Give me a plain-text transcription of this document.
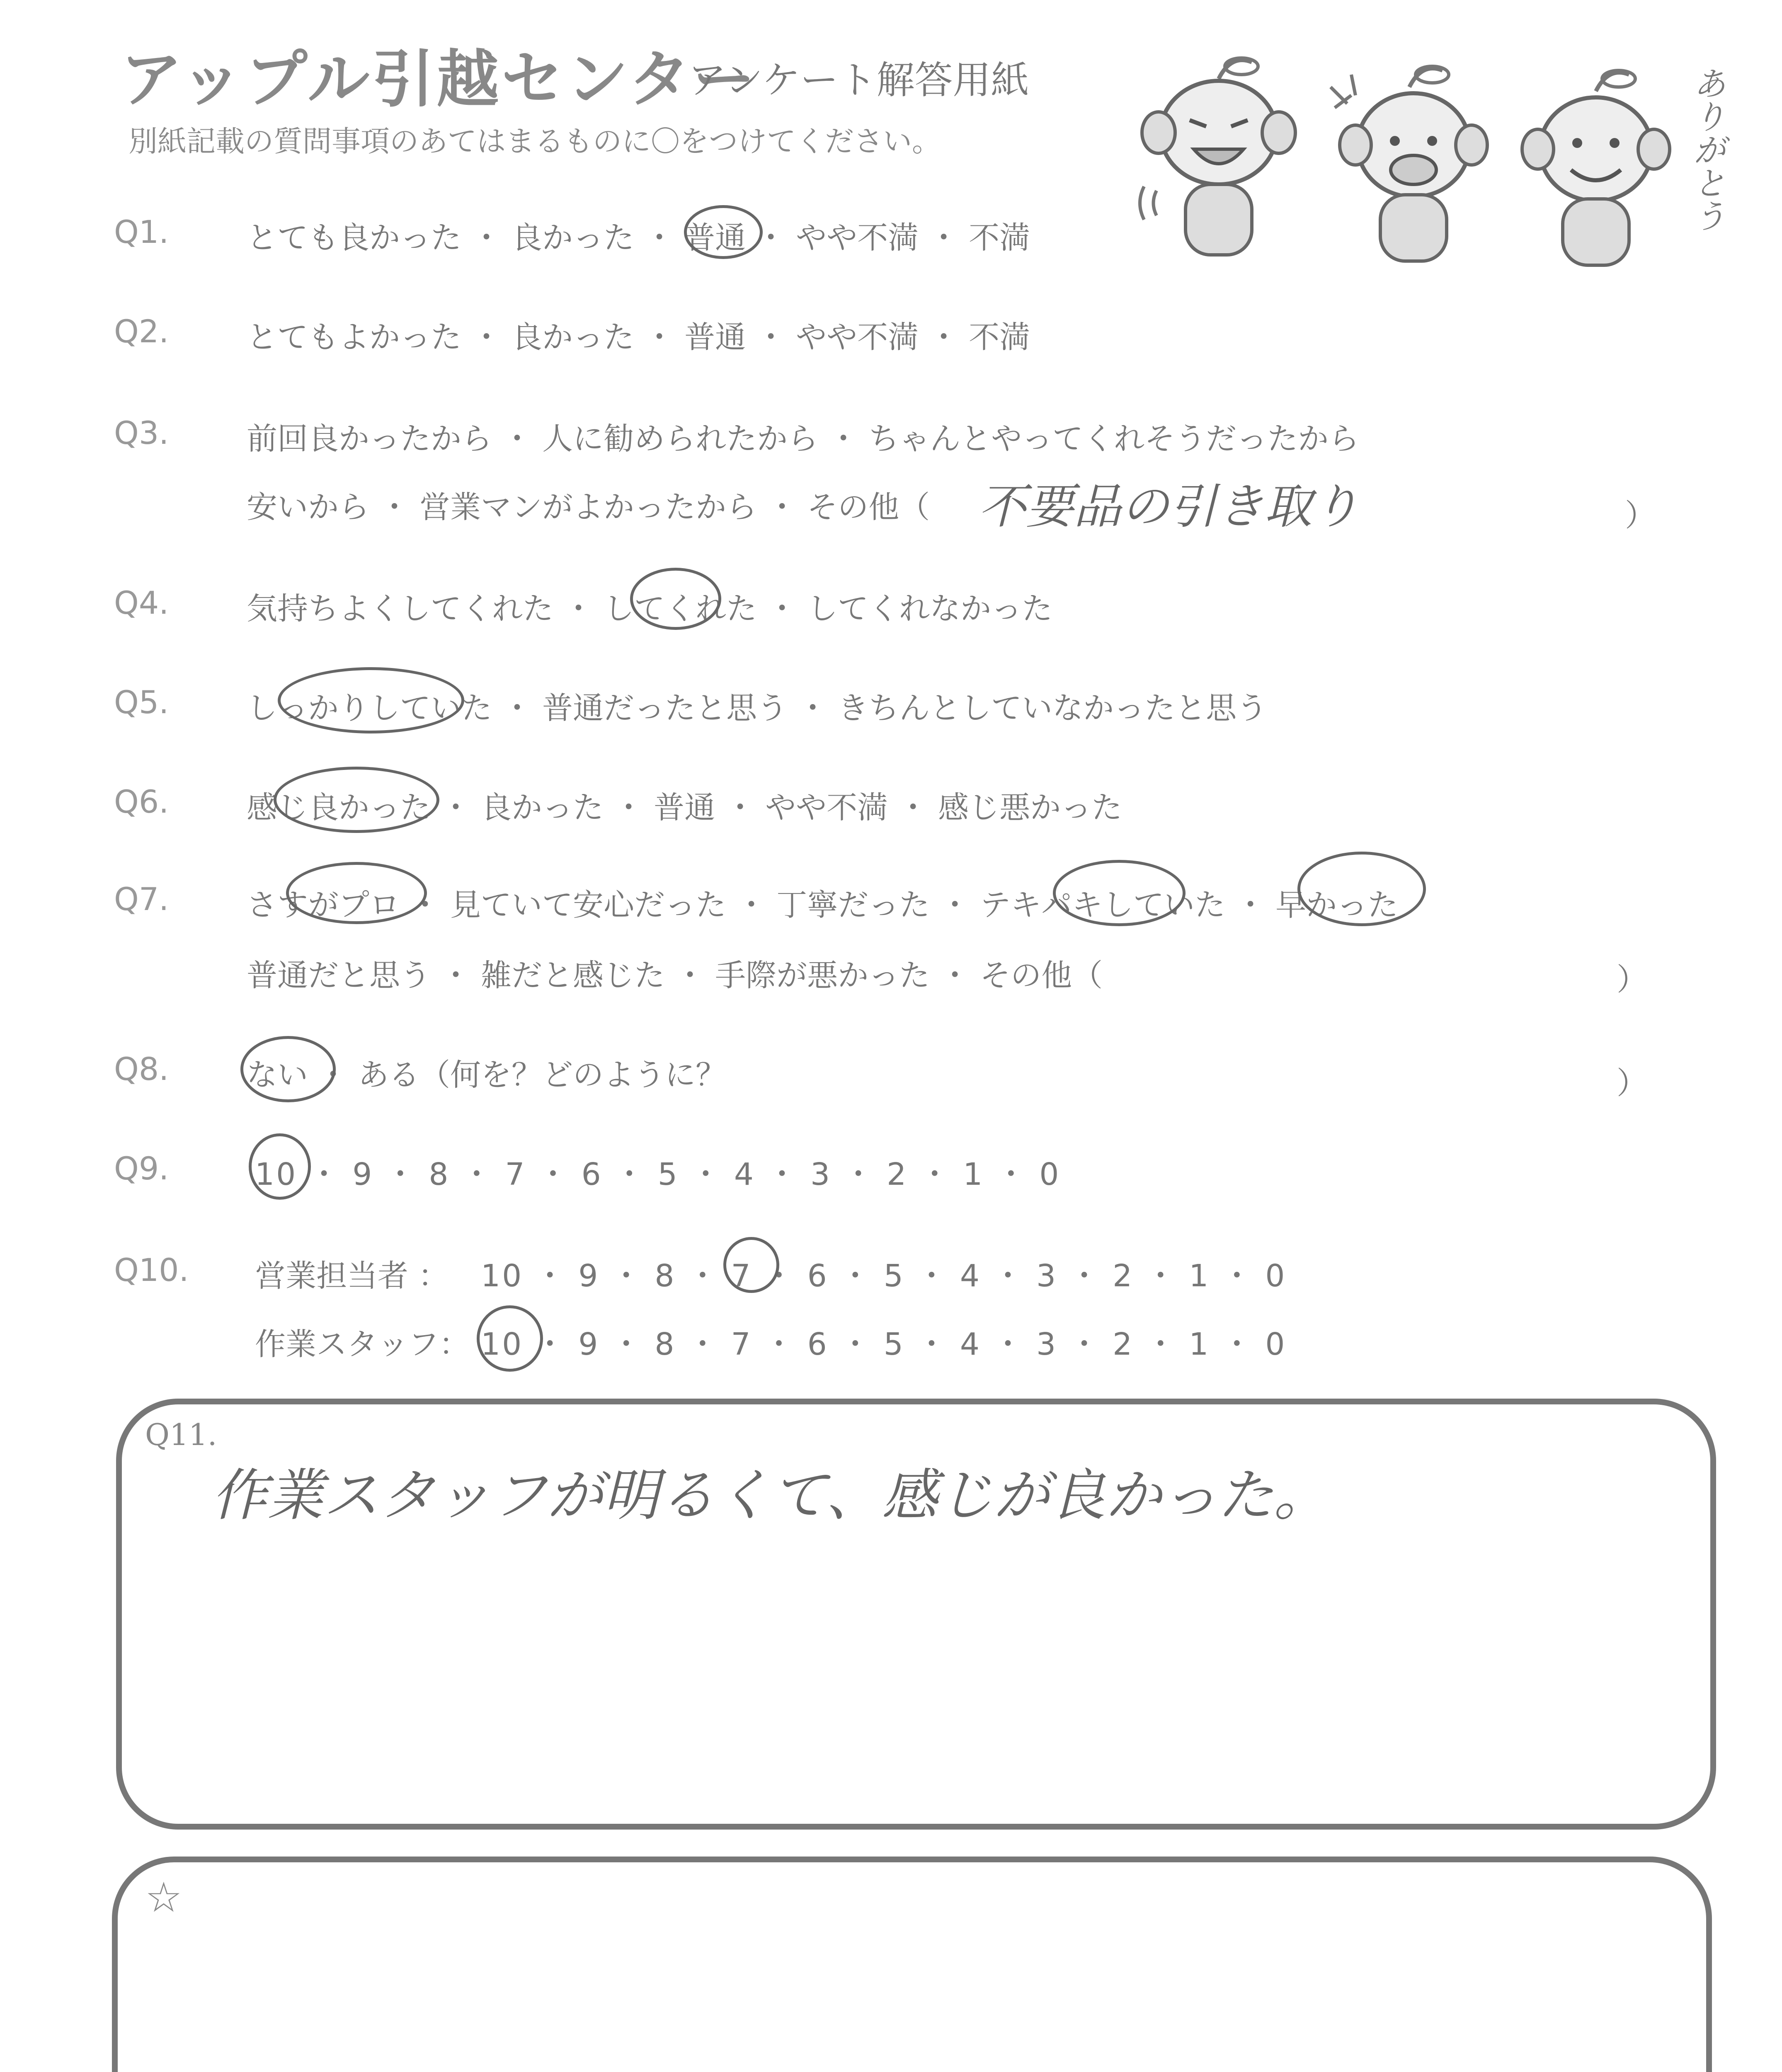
アップル引越センター
アンケート解答用紙
別紙記載の質問事項のあてはまるものに〇をつけてください。	ありがとう
Q1.	とても良かった ・ 良かった ・ 普通 ・ やや不満 ・ 不満
Q2.	とてもよかった ・ 良かった ・ 普通 ・ やや不満 ・ 不満
Q3.	前回良かったから ・ 人に勧められたから ・ ちゃんとやってくれそうだったから
安いから ・ 営業マンがよかったから ・ その他（ 不要品の引き取り	）
Q4.	気持ちよくしてくれた ・ してくれた ・ してくれなかった
Q5.	しっかりしていた ・ 普通だったと思う ・ きちんとしていなかったと思う
Q6.	感じ良かった ・ 良かった ・ 普通 ・ やや不満 ・ 感じ悪かった
Q7.	さすがプロ ・ 見ていて安心だった ・ 丁寧だった ・ テキパキしていた ・ 早かった
普通だと思う ・ 雑だと感じた ・ 手際が悪かった ・ その他（	）
Q8.	ない ・ ある（何を？どのように？	）
Q9.	10 ・ 9 ・ 8 ・ 7 ・ 6 ・ 5 ・ 4 ・ 3 ・ 2 ・ 1 ・ 0
Q10. 営業担当者 ： 10 ・ 9 ・ 8 ・ 7 ・ 6 ・ 5 ・ 4 ・ 3 ・ 2 ・ 1 ・ 0
作業スタッフ： 10 ・ 9 ・ 8 ・ 7 ・ 6 ・ 5 ・ 4 ・ 3 ・ 2 ・ 1 ・ 0
Q11.
作業スタッフが明るくて、感じが良かった。
☆
